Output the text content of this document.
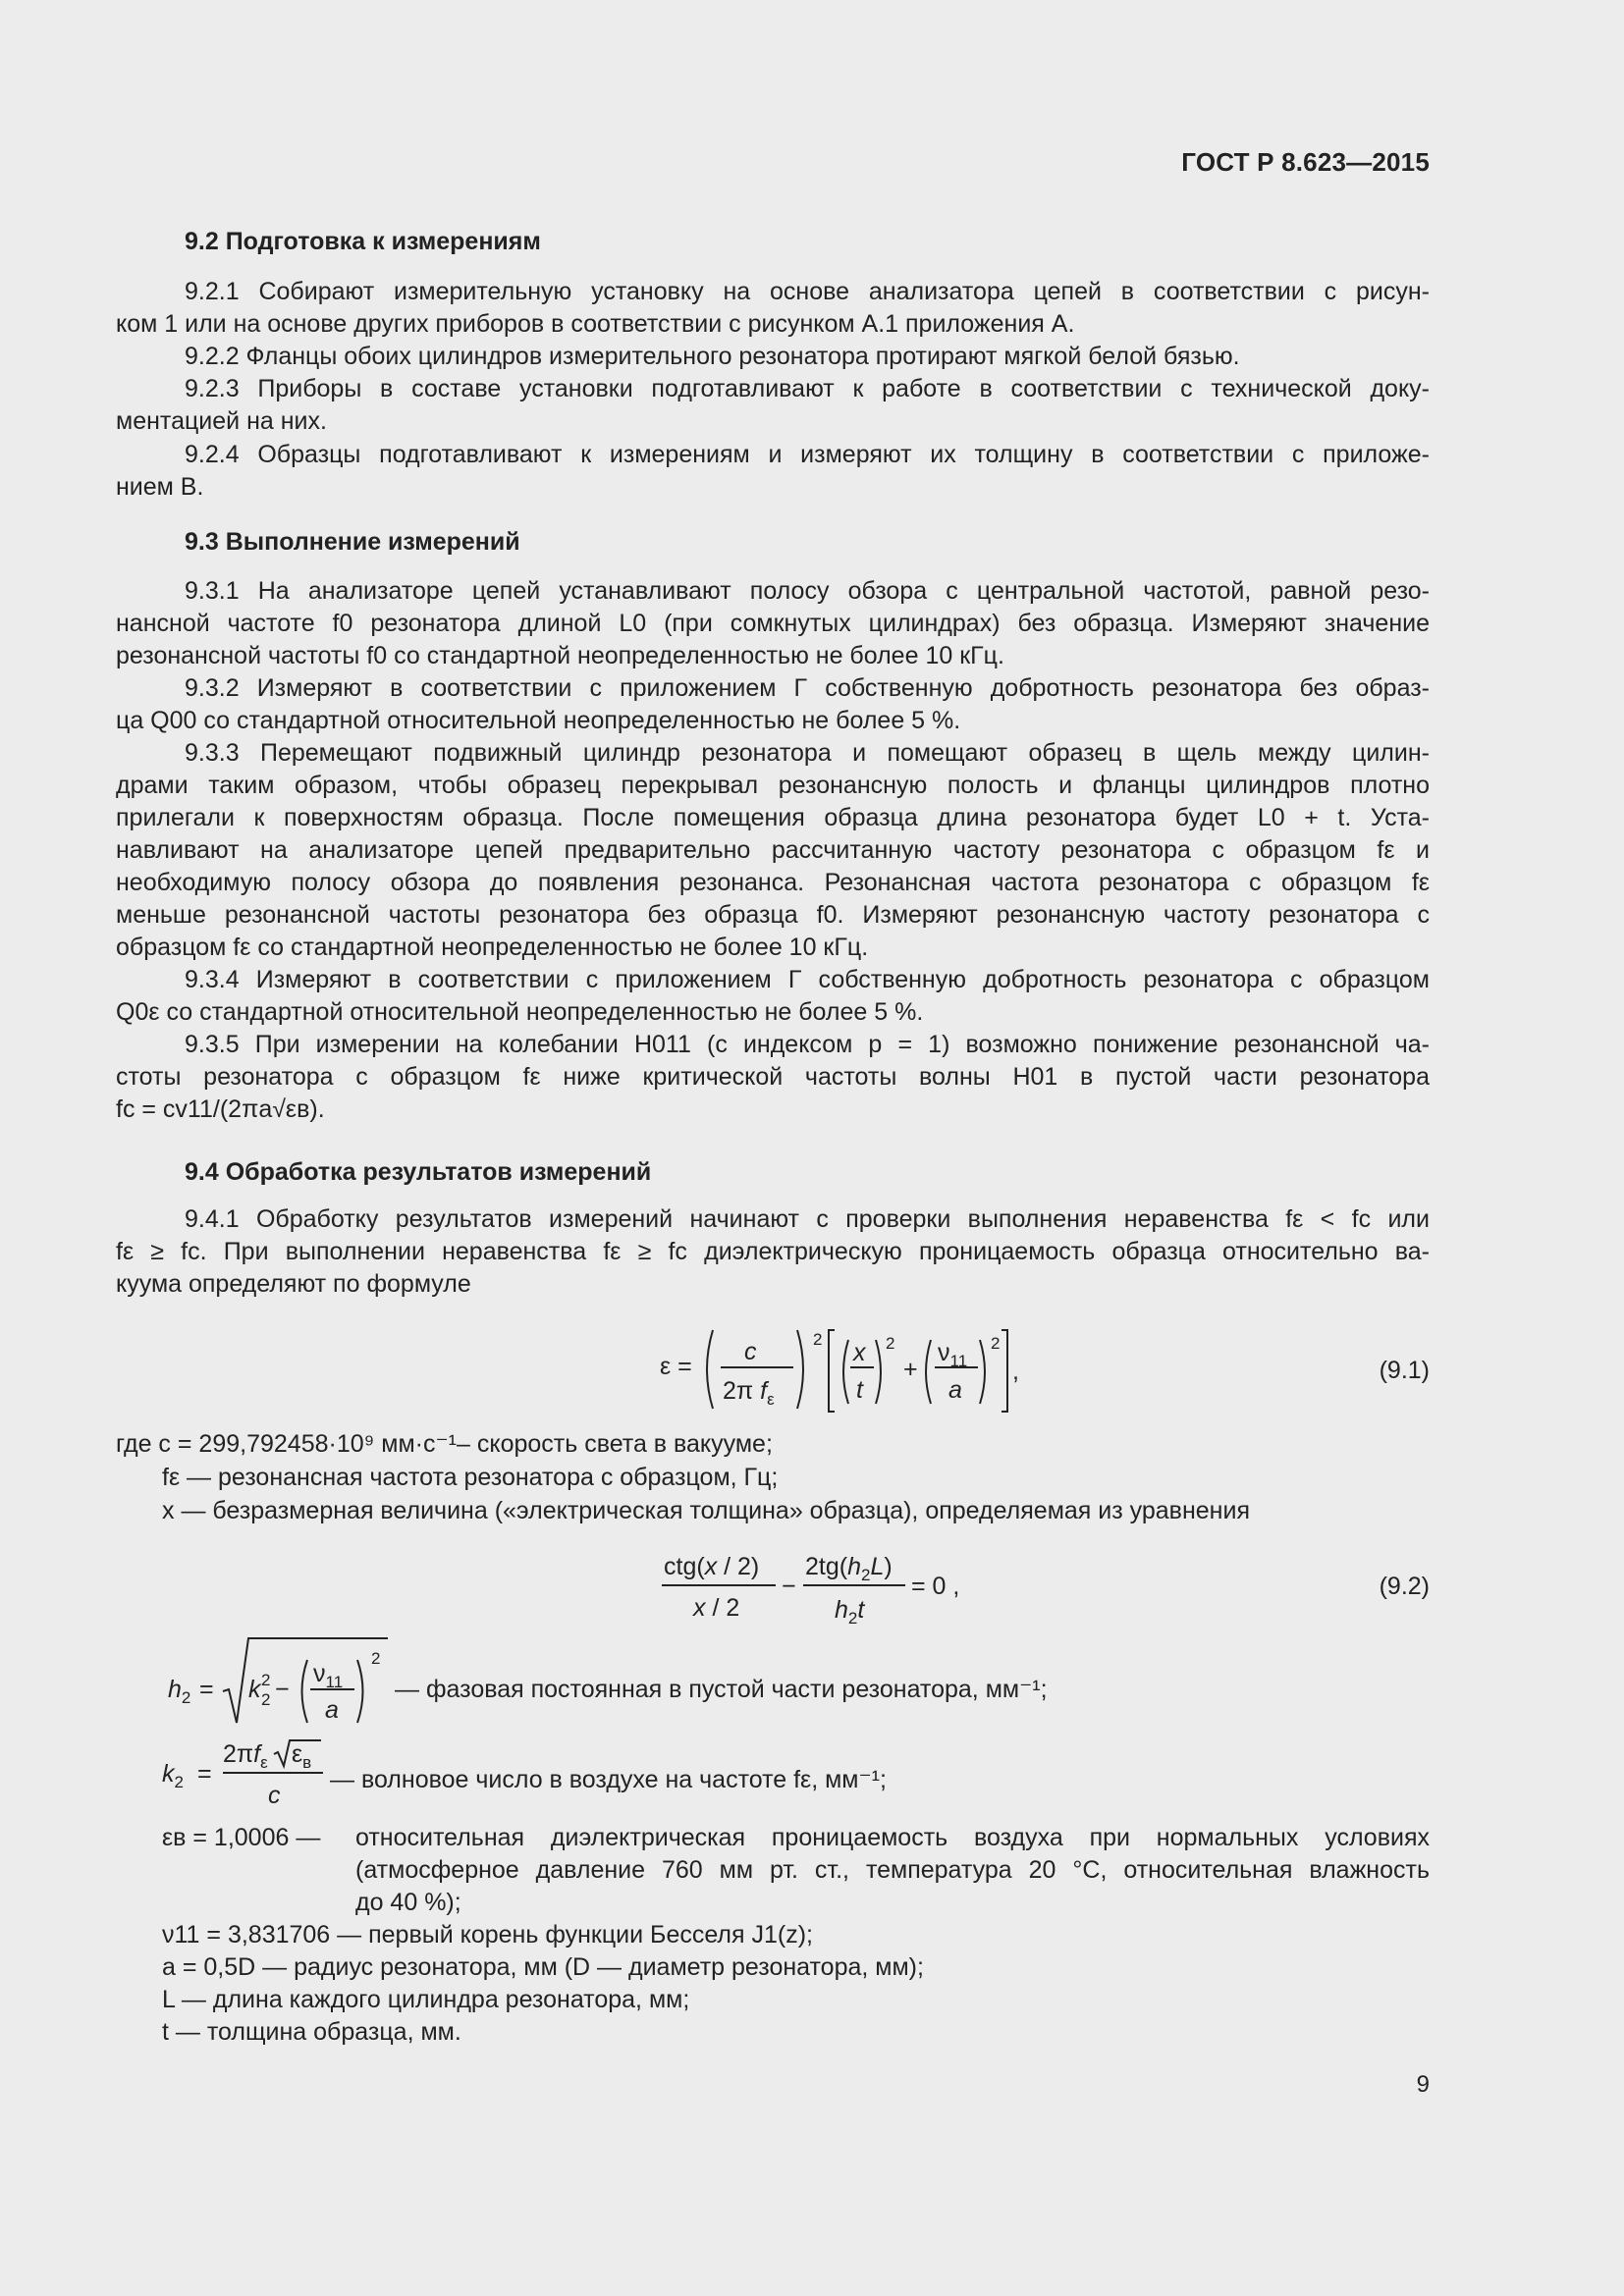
ГОСТ Р 8.623—2015
9.2 Подготовка к измерениям
9.2.1 Собирают измерительную установку на основе анализатора цепей в соответствии с рисун-
ком 1 или на основе других приборов в соответствии с рисунком А.1 приложения А.
9.2.2 Фланцы обоих цилиндров измерительного резонатора протирают мягкой белой бязью.
9.2.3 Приборы в составе установки подготавливают к работе в соответствии с технической доку-
ментацией на них.
9.2.4 Образцы подготавливают к измерениям и измеряют их толщину в соответствии с приложе-
нием В.
9.3 Выполнение измерений
9.3.1 На анализаторе цепей устанавливают полосу обзора с центральной частотой, равной резо-
нансной частоте f0 резонатора длиной L0 (при сомкнутых цилиндрах) без образца. Измеряют значение
резонансной частоты f0 со стандартной неопределенностью не более 10 кГц.
9.3.2 Измеряют в соответствии с приложением Г собственную добротность резонатора без образ-
ца Q00 со стандартной относительной неопределенностью не более 5 %.
9.3.3 Перемещают подвижный цилиндр резонатора и помещают образец в щель между цилин-
драми таким образом, чтобы образец перекрывал резонансную полость и фланцы цилиндров плотно
прилегали к поверхностям образца. После помещения образца длина резонатора будет L0 + t. Уста-
навливают на анализаторе цепей предварительно рассчитанную частоту резонатора с образцом fε и
необходимую полосу обзора до появления резонанса. Резонансная частота резонатора с образцом fε
меньше резонансной частоты резонатора без образца f0. Измеряют резонансную частоту резонатора с
образцом fε со стандартной неопределенностью не более 10 кГц.
9.3.4 Измеряют в соответствии с приложением Г собственную добротность резонатора с образцом
Q0ε со стандартной относительной неопределенностью не более 5 %.
9.3.5 При измерении на колебании H011 (с индексом p = 1) возможно понижение резонансной ча-
стоты резонатора с образцом fε ниже критической частоты волны H01 в пустой части резонатора
fc = cv11/(2πa√εв).
9.4 Обработка результатов измерений
9.4.1 Обработку результатов измерений начинают с проверки выполнения неравенства fε < fc или
fε ≥ fc. При выполнении неравенства fε ≥ fc диэлектрическую проницаемость образца относительно ва-
куума определяют по формуле
ε =
c
2π $f_\varepsilon$
2 x
t
2
+
$\nu_{11}$
a
2
,	(9.1)
где c = 299,792458·10⁹ мм·c⁻¹– скорость света в вакууме;
fε — резонансная частота резонатора с образцом, Гц;
x — безразмерная величина («электрическая толщина» образца), определяемая из уравнения
ctg(x / 2)
x / 2
−
$2tg(h_2L)$
$h_2t$
= 0 ,	(9.2)
$h_2 = k$ 2
2 −
$\nu_{11}$
a
2
— фазовая постоянная в пустой части резонатора, мм⁻¹;
$k_2$ =
$2\pi f_\varepsilon$ $\varepsilon_в$
c
— волновое число в воздухе на частоте fε, мм⁻¹;
εв = 1,0006 — относительная диэлектрическая проницаемость воздуха при нормальных условиях
(атмосферное давление 760 мм рт. ст., температура 20 °С, относительная влажность
до 40 %);
ν11 = 3,831706 — первый корень функции Бесселя J1(z);
a = 0,5D — радиус резонатора, мм (D — диаметр резонатора, мм);
L — длина каждого цилиндра резонатора, мм;
t — толщина образца, мм.
9
